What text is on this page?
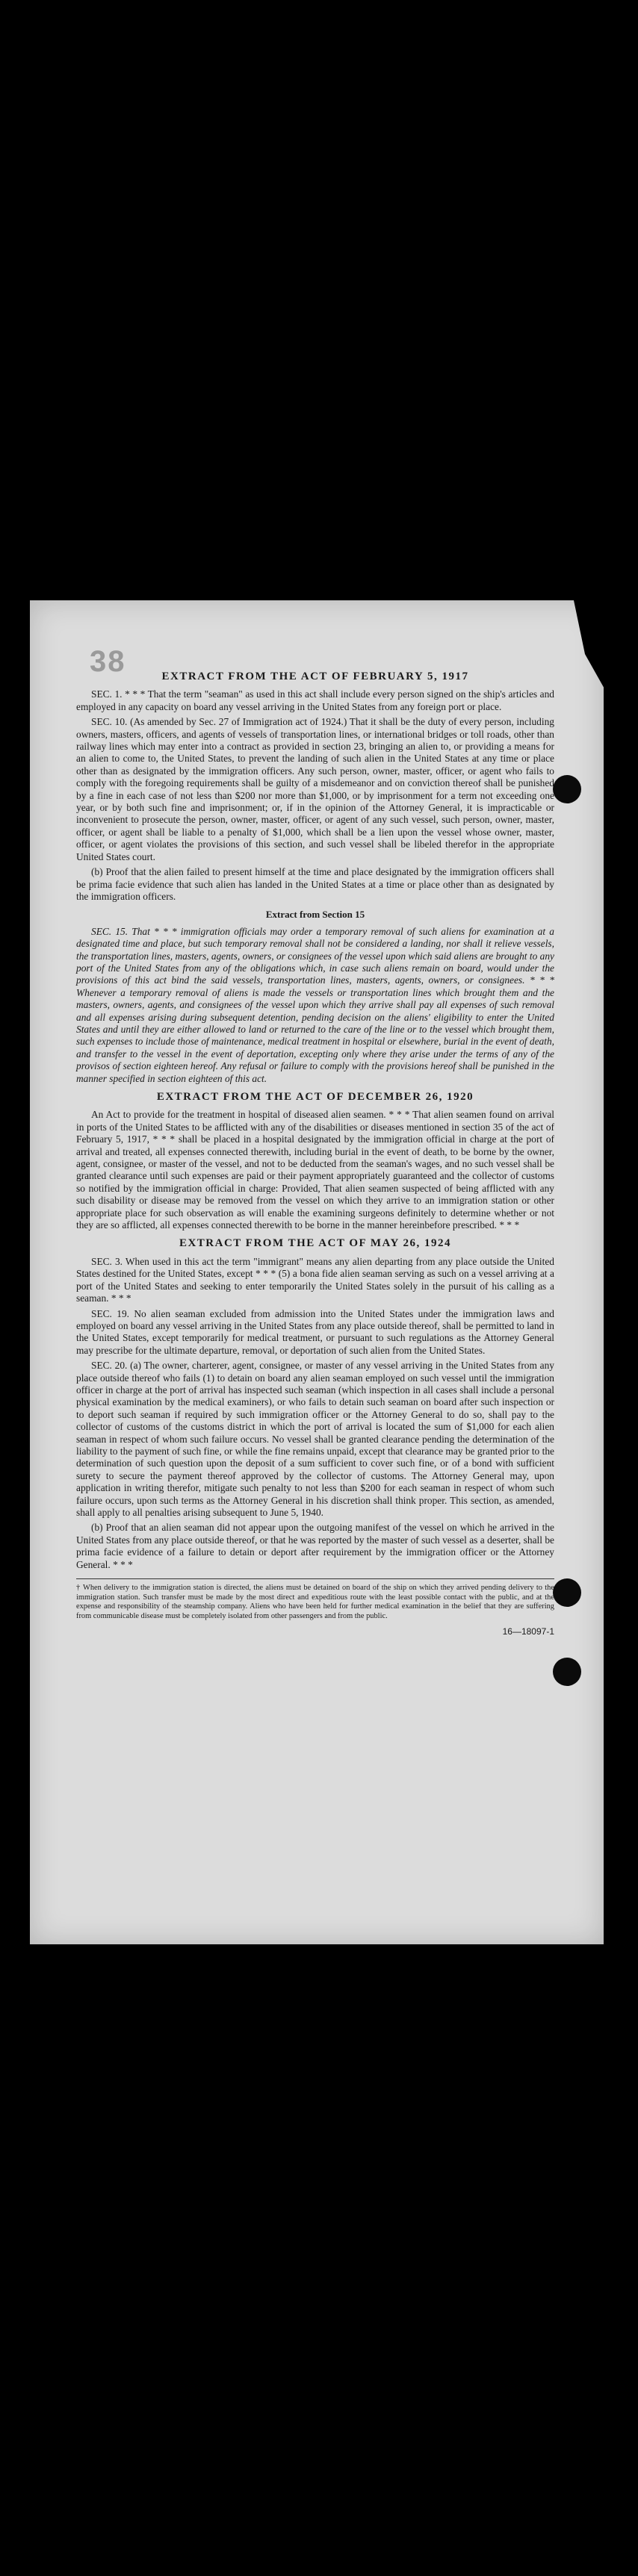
38	EXTRACT FROM THE ACT OF FEBRUARY 5, 1917

SEC. 1. * * * That the term "seaman" as used in this act shall include every person signed on the ship's articles and employed in any capacity on board any vessel arriving in the United States from any foreign port or place.

SEC. 10. (As amended by Sec. 27 of Immigration act of 1924.) That it shall be the duty of every person, including owners, masters, officers, and agents of vessels of transportation lines, or international bridges or toll roads, other than railway lines which may enter into a contract as provided in section 23, bringing an alien to, or providing a means for an alien to come to, the United States, to prevent the landing of such alien in the United States at any time or place other than as designated by the immigration officers. Any such person, owner, master, officer, or agent who fails to comply with the foregoing requirements shall be guilty of a misdemeanor and on conviction thereof shall be punished by a fine in each case of not less than $200 nor more than $1,000, or by imprisonment for a term not exceeding one year, or by both such fine and imprisonment; or, if in the opinion of the Attorney General, it is impracticable or inconvenient to prosecute the person, owner, master, officer, or agent of any such vessel, such person, owner, master, officer, or agent shall be liable to a penalty of $1,000, which shall be a lien upon the vessel whose owner, master, officer, or agent violates the provisions of this section, and such vessel shall be libeled therefor in the appropriate United States court.

(b) Proof that the alien failed to present himself at the time and place designated by the immigration officers shall be prima facie evidence that such alien has landed in the United States at a time or place other than as designated by the immigration officers.

Extract from Section 15

SEC. 15. That * * * immigration officials may order a temporary removal of such aliens for examination at a designated time and place, but such temporary removal shall not be considered a landing, nor shall it relieve vessels, the transportation lines, masters, agents, owners, or consignees of the vessel upon which said aliens are brought to any port of the United States from any of the obligations which, in case such aliens remain on board, would under the provisions of this act bind the said vessels, transportation lines, masters, agents, owners, or consignees. * * * Whenever a temporary removal of aliens is made the vessels or transportation lines which brought them and the masters, owners, agents, and consignees of the vessel upon which they arrive shall pay all expenses of such removal and all expenses arising during subsequent detention, pending decision on the aliens' eligibility to enter the United States and until they are either allowed to land or returned to the care of the line or to the vessel which brought them, such expenses to include those of maintenance, medical treatment in hospital or elsewhere, burial in the event of death, and transfer to the vessel in the event of deportation, excepting only where they arise under the terms of any of the provisos of section eighteen hereof. Any refusal or failure to comply with the provisions hereof shall be punished in the manner specified in section eighteen of this act.

EXTRACT FROM THE ACT OF DECEMBER 26, 1920

An Act to provide for the treatment in hospital of diseased alien seamen. * * * That alien seamen found on arrival in ports of the United States to be afflicted with any of the disabilities or diseases mentioned in section 35 of the act of February 5, 1917, * * * shall be placed in a hospital designated by the immigration official in charge at the port of arrival and treated, all expenses connected therewith, including burial in the event of death, to be borne by the owner, agent, consignee, or master of the vessel, and not to be deducted from the seaman's wages, and no such vessel shall be granted clearance until such expenses are paid or their payment appropriately guaranteed and the collector of customs so notified by the immigration official in charge: Provided, That alien seamen suspected of being afflicted with any such disability or disease may be removed from the vessel on which they arrive to an immigration station or other appropriate place for such observation as will enable the examining surgeons definitely to determine whether or not they are so afflicted, all expenses connected therewith to be borne in the manner hereinbefore prescribed. * * *

EXTRACT FROM THE ACT OF MAY 26, 1924

SEC. 3. When used in this act the term "immigrant" means any alien departing from any place outside the United States destined for the United States, except * * * (5) a bona fide alien seaman serving as such on a vessel arriving at a port of the United States and seeking to enter temporarily the United States solely in the pursuit of his calling as a seaman. * * *

SEC. 19. No alien seaman excluded from admission into the United States under the immigration laws and employed on board any vessel arriving in the United States from any place outside thereof, shall be permitted to land in the United States, except temporarily for medical treatment, or pursuant to such regulations as the Attorney General may prescribe for the ultimate departure, removal, or deportation of such alien from the United States.

SEC. 20. (a) The owner, charterer, agent, consignee, or master of any vessel arriving in the United States from any place outside thereof who fails (1) to detain on board any alien seaman employed on such vessel until the immigration officer in charge at the port of arrival has inspected such seaman (which inspection in all cases shall include a personal physical examination by the medical examiners), or who fails to detain such seaman on board after such inspection or to deport such seaman if required by such immigration officer or the Attorney General to do so, shall pay to the collector of customs of the customs district in which the port of arrival is located the sum of $1,000 for each alien seaman in respect of whom such failure occurs. No vessel shall be granted clearance pending the determination of the liability to the payment of such fine, or while the fine remains unpaid, except that clearance may be granted prior to the determination of such question upon the deposit of a sum sufficient to cover such fine, or of a bond with sufficient surety to secure the payment thereof approved by the collector of customs. The Attorney General may, upon application in writing therefor, mitigate such penalty to not less than $200 for each seaman in respect of whom such failure occurs, upon such terms as the Attorney General in his discretion shall think proper. This section, as amended, shall apply to all penalties arising subsequent to June 5, 1940.

(b) Proof that an alien seaman did not appear upon the outgoing manifest of the vessel on which he arrived in the United States from any place outside thereof, or that he was reported by the master of such vessel as a deserter, shall be prima facie evidence of a failure to detain or deport after requirement by the immigration officer or the Attorney General. * * *

† When delivery to the immigration station is directed, the aliens must be detained on board of the ship on which they arrived pending delivery to the immigration station. Such transfer must be made by the most direct and expeditious route with the least possible contact with the public, and at the expense and responsibility of the steamship company. Aliens who have been held for further medical examination in the belief that they are suffering from communicable disease must be completely isolated from other passengers and from the public.
16—18097-1
